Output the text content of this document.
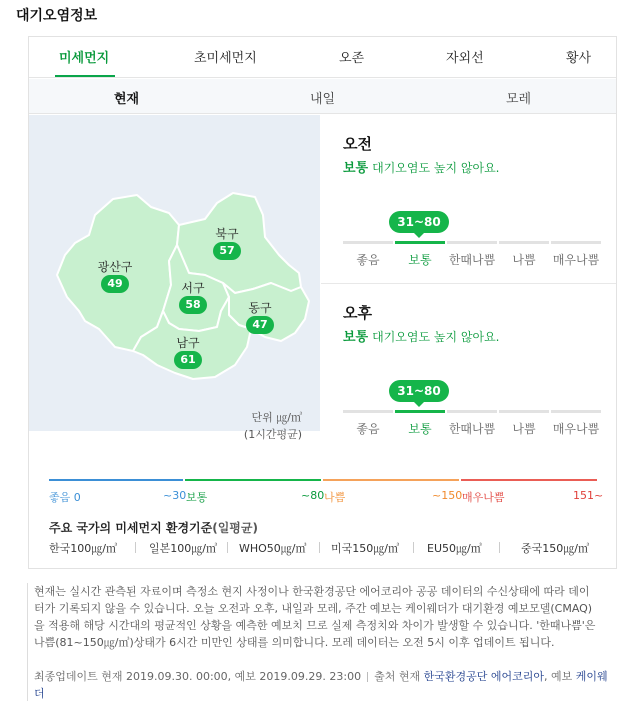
대기오염정보
미세먼지	초미세먼지	오존	자외선	황사
현재	내일	모레
북구
57
광산구
49	서구
58	동구
47
남구
61
단위 ㎍/㎥
(1시간평균)
오전
보통 대기오염도 높지 않아요.
31~80
좋음	보통	한때나쁨	나쁨	매우나쁨
오후
보통 대기오염도 높지 않아요.
31~80
좋음	보통	한때나쁨	나쁨	매우나쁨
좋음 0	~30 보통	~80 나쁨	~150 매우나쁨	151~
주요 국가의 미세먼지 환경기준(일평균)
한국100㎍/㎥	일본100㎍/㎥ WHO50㎍/㎥ 미국150㎍/㎥	EU50㎍/㎥	중국150㎍/㎥
현재는 실시간 관측된 자료이며 측정소 현지 사정이나 한국환경공단 에어코리아 공공 데이터의 수신상태에 따라 데이터가 기록되지 않을 수 있습니다. 오늘 오전과 오후, 내일과 모레, 주간 예보는 케이웨더가 대기환경 예보모델(CMAQ)을 적용해 해당 시간대의 평균적인 상황을 예측한 예보치 므로 실제 측정치와 차이가 발생할 수 있습니다. '한때나쁨'은 나쁨(81~150㎍/㎥)상태가 6시간 미만인 상태를 의미합니다. 모레 데이터는 오전 5시 이후 업데이트 됩니다.
최종업데이트 현재 2019.09.30. 00:00, 예보 2019.09.29. 23:00 출처 현재 한국환경공단 에어코리아, 예보 케이웨더
